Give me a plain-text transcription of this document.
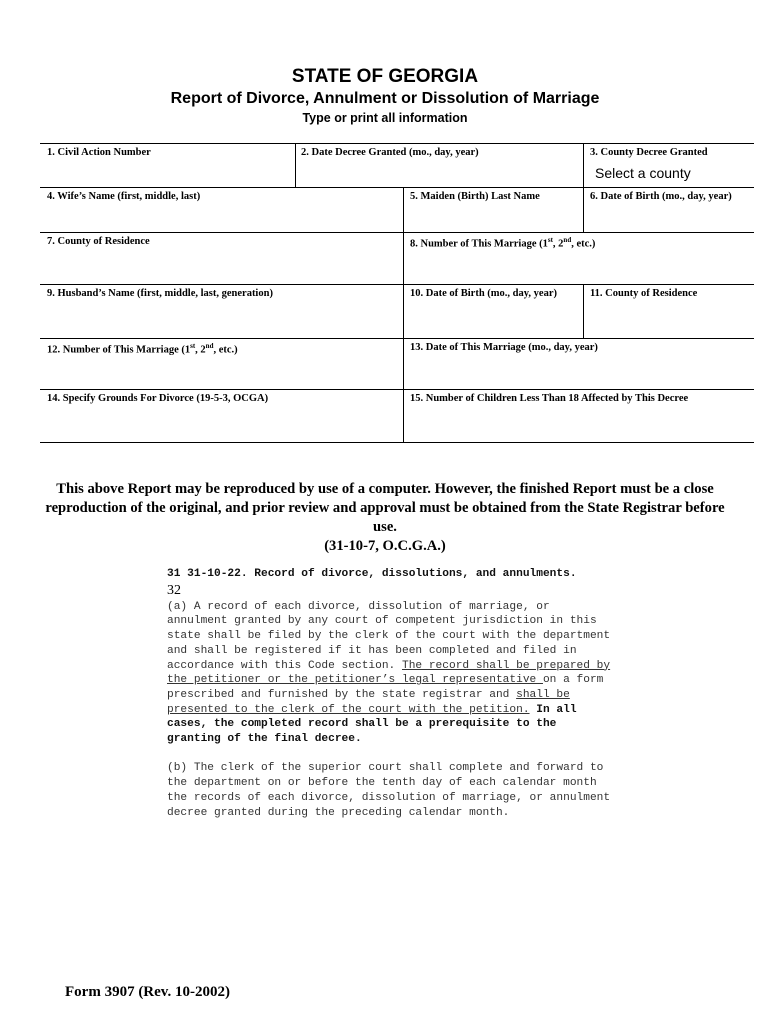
STATE OF GEORGIA
Report of Divorce, Annulment or Dissolution of Marriage
Type or print all information
1. Civil Action Number	2. Date Decree Granted (mo., day, year)	3. County Decree Granted
Select a county
4. Wife’s Name (first, middle, last)	5. Maiden (Birth) Last Name	6. Date of Birth (mo., day, year)
7. County of Residence	8. Number of This Marriage (1st, 2nd, etc.)
9. Husband’s Name (first, middle, last, generation)	10. Date of Birth (mo., day, year)	11. County of Residence
12. Number of This Marriage (1st, 2nd, etc.)	13. Date of This Marriage (mo., day, year)
14. Specify Grounds For Divorce (19-5-3, OCGA)	15. Number of Children Less Than 18 Affected by This Decree
This above Report may be reproduced by use of a computer. However, the finished Report must be a close
reproduction of the original, and prior review and approval must be obtained from the State Registrar before use.
(31-10-7, O.C.G.A.)

31 31-10-22. Record of divorce, dissolutions, and annulments.

32

(a) A record of each divorce, dissolution of marriage, or

annulment granted by any court of competent jurisdiction in this

state shall be filed by the clerk of the court with the department

and shall be registered if it has been completed and filed in

accordance with this Code section. The record shall be prepared by

the petitioner or the petitioner’s legal representative on a form

prescribed and furnished by the state registrar and shall be

presented to the clerk of the court with the petition. In all

cases, the completed record shall be a prerequisite to the

granting of the final decree.

(b) The clerk of the superior court shall complete and forward to

the department on or before the tenth day of each calendar month

the records of each divorce, dissolution of marriage, or annulment

decree granted during the preceding calendar month.

Form 3907 (Rev. 10-2002)
